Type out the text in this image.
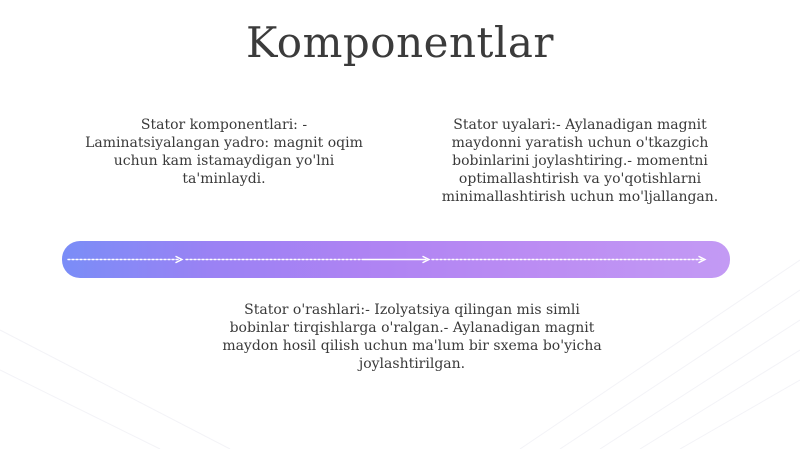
Komponentlar
Stator komponentlari: - Laminatsiyalangan yadro: magnit oqim uchun kam istamaydigan yo'lni ta'minlaydi.
Stator uyalari:- Aylanadigan magnit maydonni yaratish uchun o'tkazgich bobinlarini joylashtiring.- momentni optimallashtirish va yo'qotishlarni minimallashtirish uchun mo'ljallangan.
Stator o'rashlari:- Izolyatsiya qilingan mis simli bobinlar tirqishlarga o'ralgan.- Aylanadigan magnit maydon hosil qilish uchun ma'lum bir sxema bo'yicha joylashtirilgan.
